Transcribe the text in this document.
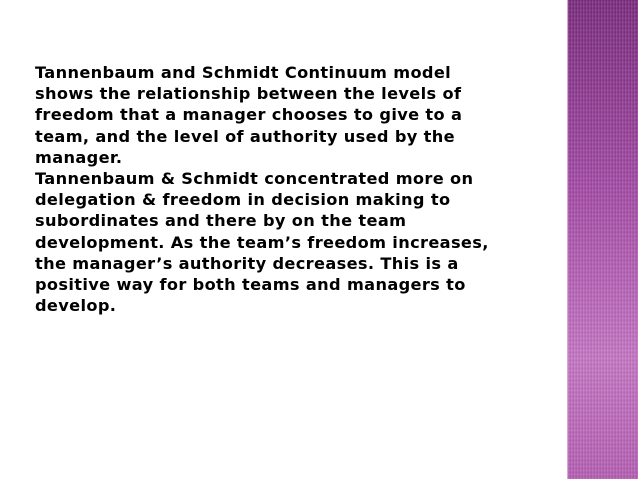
Tannenbaum and Schmidt Continuum model
shows the relationship between the levels of
freedom that a manager chooses to give to a
team, and the level of authority used by the
manager.

Tannenbaum & Schmidt concentrated more on
delegation & freedom in decision making to
subordinates and there by on the team
development. As the team’s freedom increases,
the manager’s authority decreases. This is a
positive way for both teams and managers to
develop.
